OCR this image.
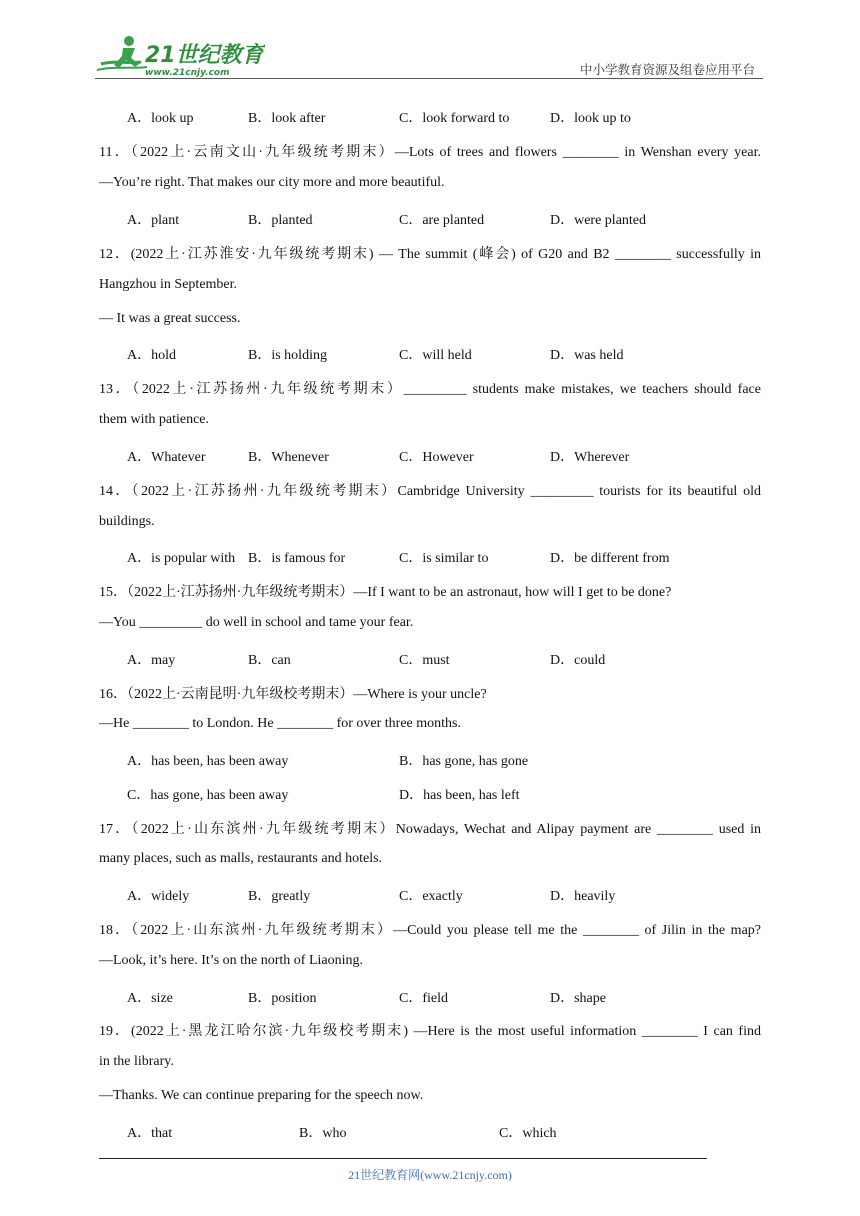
21世纪教育
www.21cnjy.com	中小学教育资源及组卷应用平台
A．look up	B．look after	C．look forward to	D．look up to
11．（2022上·云南文山·九年级统考期末）—Lots of trees and flowers ________ in Wenshan every year.
—You’re right. That makes our city more and more beautiful.
A．plant	B．planted	C．are planted	D．were planted
12．(2022上·江苏淮安·九年级统考期末) — The summit (峰会) of G20 and B2 ________ successfully in
Hangzhou in September.
— It was a great success.
A．hold	B．is holding	C．will held	D．was held
13．（2022上·江苏扬州·九年级统考期末）_________ students make mistakes, we teachers should face
them with patience.
A．Whatever	B．Whenever	C．However	D．Wherever
14．（2022上·江苏扬州·九年级统考期末）Cambridge University _________ tourists for its beautiful old
buildings.
A．is popular with B．is famous for	C．is similar to	D．be different from
15．（2022上·江苏扬州·九年级统考期末）—If I want to be an astronaut, how will I get to be done?
—You _________ do well in school and tame your fear.
A．may	B．can	C．must	D．could
16．（2022上·云南昆明·九年级校考期末）—Where is your uncle?
—He ________ to London. He ________ for over three months.
A．has been, has been away	B．has gone, has gone
C．has gone, has been away	D．has been, has left
17．（2022上·山东滨州·九年级统考期末）Nowadays, Wechat and Alipay payment are ________ used in
many places, such as malls, restaurants and hotels.
A．widely	B．greatly	C．exactly	D．heavily
18．（2022上·山东滨州·九年级统考期末）—Could you please tell me the ________ of Jilin in the map?
—Look, it’s here. It’s on the north of Liaoning.
A．size	B．position	C．field	D．shape
19．(2022上·黑龙江哈尔滨·九年级校考期末) —Here is the most useful information ________ I can find
in the library.
—Thanks. We can continue preparing for the speech now.
A．that	B．who	C．which
21世纪教育网(www.21cnjy.com)
